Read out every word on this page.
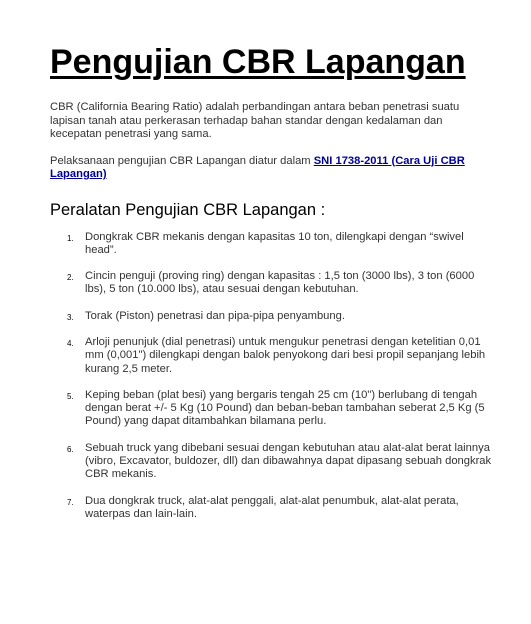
Pengujian CBR Lapangan

CBR (California Bearing Ratio) adalah perbandingan antara beban penetrasi suatu lapisan tanah atau perkerasan terhadap bahan standar dengan kedalaman dan kecepatan penetrasi yang sama.

Pelaksanaan pengujian CBR Lapangan diatur dalam SNI 1738-2011 (Cara Uji CBR Lapangan)

Peralatan Pengujian CBR Lapangan :
1. Dongkrak CBR mekanis dengan kapasitas 10 ton, dilengkapi dengan “swivel head”.
2. Cincin penguji (proving ring) dengan kapasitas : 1,5 ton (3000 lbs), 3 ton (6000 lbs), 5 ton (10.000 lbs), atau sesuai dengan kebutuhan.
3. Torak (Piston) penetrasi dan pipa-pipa penyambung.
4. Arloji penunjuk (dial penetrasi) untuk mengukur penetrasi dengan ketelitian 0,01 mm (0,001") dilengkapi dengan balok penyokong dari besi propil sepanjang lebih kurang 2,5 meter.
5. Keping beban (plat besi) yang bergaris tengah 25 cm (10") berlubang di tengah dengan berat +/- 5 Kg (10 Pound) dan beban-beban tambahan seberat 2,5 Kg (5 Pound) yang dapat ditambahkan bilamana perlu.
6. Sebuah truck yang dibebani sesuai dengan kebutuhan atau alat-alat berat lainnya (vibro, Excavator, buldozer, dll) dan dibawahnya dapat dipasang sebuah dongkrak CBR mekanis.
7. Dua dongkrak truck, alat-alat penggali, alat-alat penumbuk, alat-alat perata, waterpas dan lain-lain.
